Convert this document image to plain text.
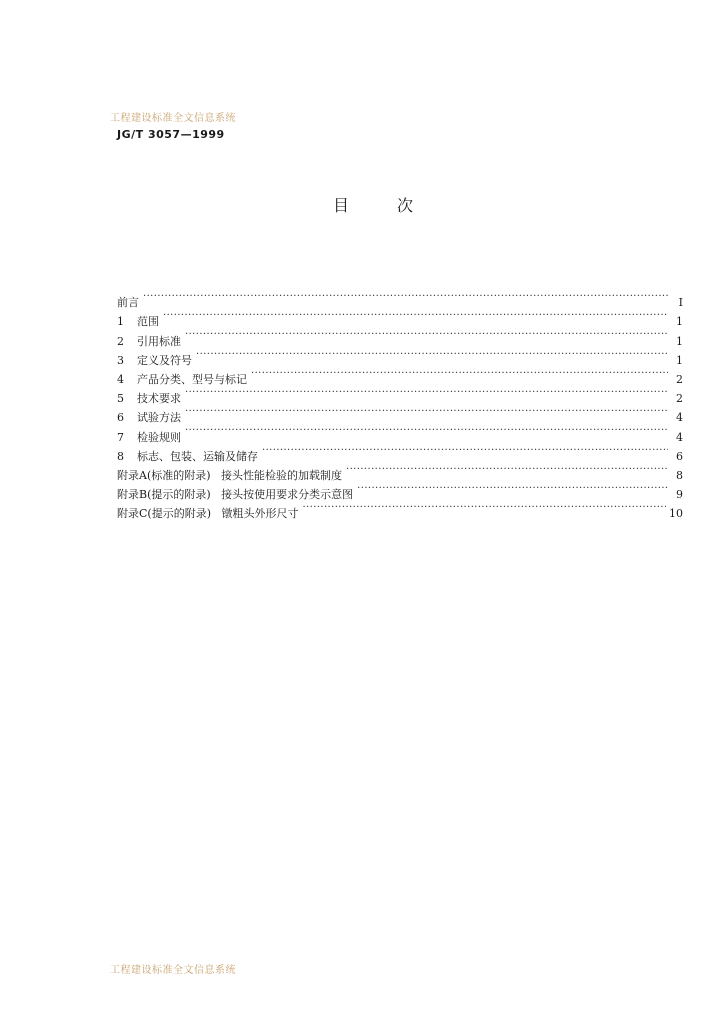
工程建设标准全文信息系统
JG/T 3057—1999
目次
前言 ·····	I
1 范围 ·····	1
2 引用标准 ·····	1
3 定义及符号 ·····	1
4 产品分类、型号与标记 ·····	2
5 技术要求 ·····	2
6 试验方法 ·····	4
7 检验规则 ·····	4
8 标志、包装、运输及储存 ·····	6
附录A(标准的附录)   接头性能检验的加载制度 ·····	8
附录B(提示的附录)   接头按使用要求分类示意图 ·····	9
附录C(提示的附录)   镦粗头外形尺寸 ·····	10
工程建设标准全文信息系统
